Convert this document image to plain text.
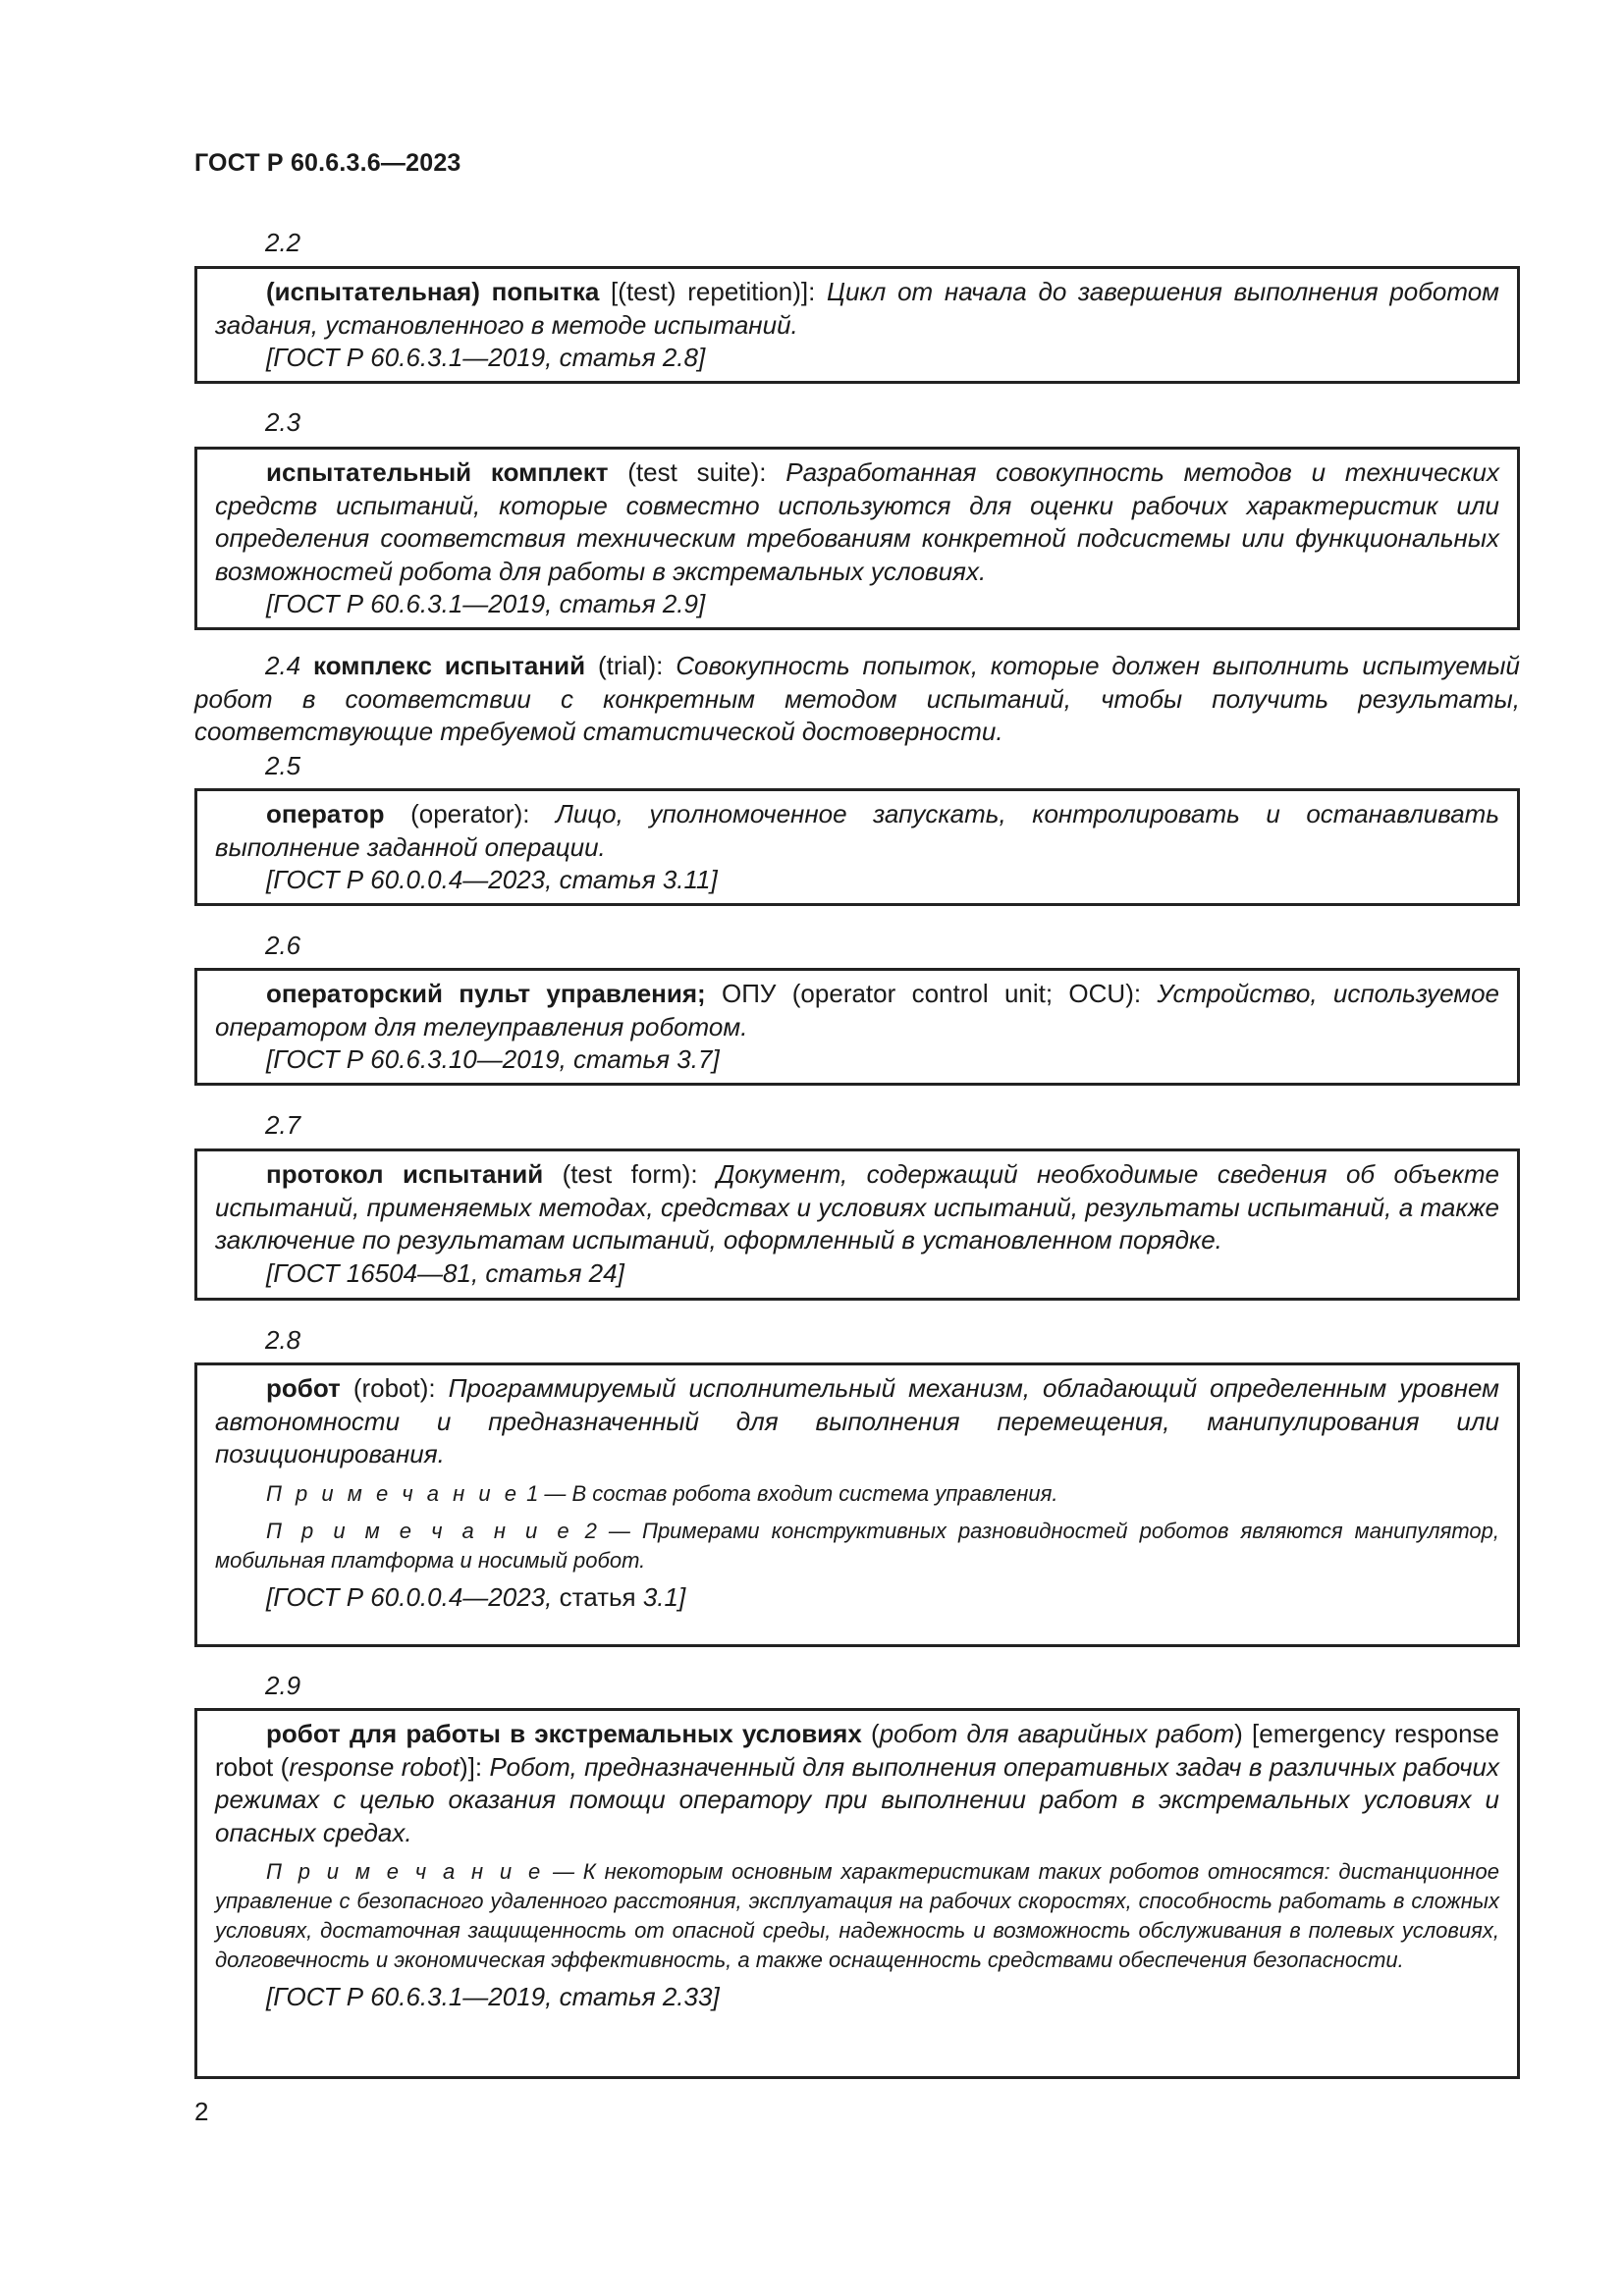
ГОСТ Р 60.6.3.6—2023
2.2

(испытательная) попытка [(test) repetition)]: Цикл от начала до завершения выполнения роботом задания, установленного в методе испытаний.

[ГОСТ Р 60.6.3.1—2019, статья 2.8]

2.3

испытательный комплект (test suite): Разработанная совокупность методов и технических средств испытаний, которые совместно используются для оценки рабочих характеристик или определения соответствия техническим требованиям конкретной подсистемы или функциональных возможностей робота для работы в экстремальных условиях.

[ГОСТ Р 60.6.3.1—2019, статья 2.9]

2.4 комплекс испытаний (trial): Совокупность попыток, которые должен выполнить испытуемый робот в соответствии с конкретным методом испытаний, чтобы получить результаты, соответствующие требуемой статистической достоверности.

2.5

оператор (operator): Лицо, уполномоченное запускать, контролировать и останавливать выполнение заданной операции.

[ГОСТ Р 60.0.0.4—2023, статья 3.11]

2.6

операторский пульт управления; ОПУ (operator control unit; OCU): Устройство, используемое оператором для телеуправления роботом.

[ГОСТ Р 60.6.3.10—2019, статья 3.7]

2.7

протокол испытаний (test form): Документ, содержащий необходимые сведения об объекте испытаний, применяемых методах, средствах и условиях испытаний, результаты испытаний, а также заключение по результатам испытаний, оформленный в установленном порядке.

[ГОСТ 16504—81, статья 24]

2.8

робот (robot): Программируемый исполнительный механизм, обладающий определенным уровнем автономности и предназначенный для выполнения перемещения, манипулирования или позиционирования.

П р и м е ч а н и е 1 — В состав робота входит система управления.

П р и м е ч а н и е 2 — Примерами конструктивных разновидностей роботов являются манипулятор, мобильная платформа и носимый робот.

[ГОСТ Р 60.0.0.4—2023, статья 3.1]

2.9

робот для работы в экстремальных условиях (робот для аварийных работ) [emergency response robot (response robot)]: Робот, предназначенный для выполнения оперативных задач в различных рабочих режимах с целью оказания помощи оператору при выполнении работ в экстремальных условиях и опасных средах.

П р и м е ч а н и е — К некоторым основным характеристикам таких роботов относятся: дистанционное управление с безопасного удаленного расстояния, эксплуатация на рабочих скоростях, способность работать в сложных условиях, достаточная защищенность от опасной среды, надежность и возможность обслуживания в полевых условиях, долговечность и экономическая эффективность, а также оснащенность средствами обеспечения безопасности.

[ГОСТ Р 60.6.3.1—2019, статья 2.33]

2
